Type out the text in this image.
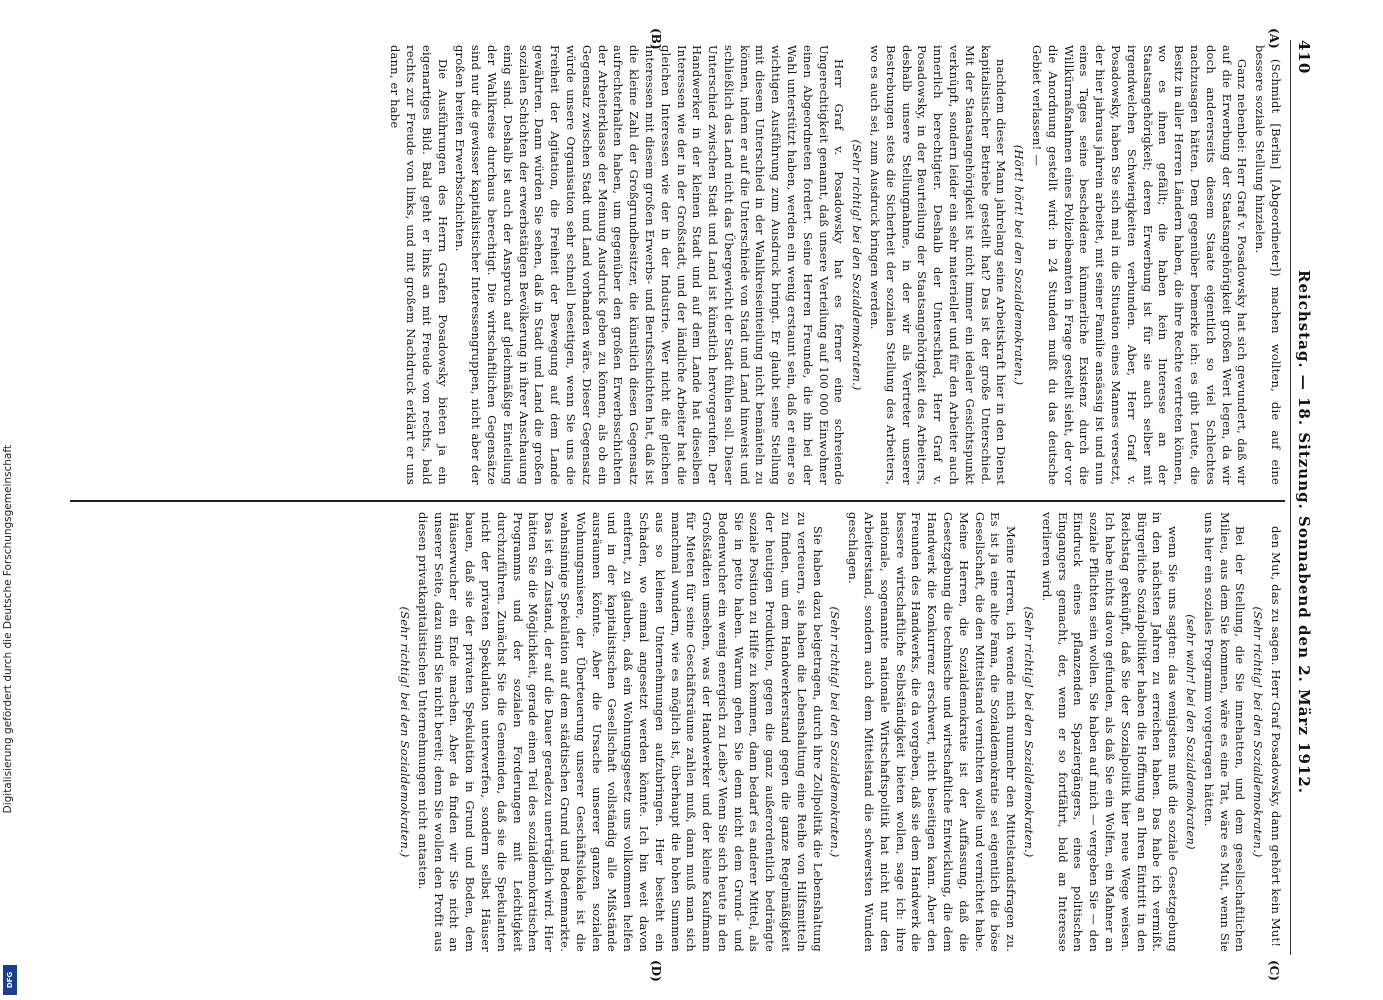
410
Reichstag. — 18. Sitzung. Sonnabend den 2. März 1912.
(A)
(B)
(C)
(D)

(Schmidt [Berlin] [Abgeordneter]) machen wollten, die auf eine bessere soziale Stellung hinzielen.

Ganz nebenbei: Herr Graf v. Posadowsky hat sich gewundert, daß wir auf die Erwerbung der Staatsangehörigkeit großen Wert legen, da wir doch andererseits diesem Staate eigentlich so viel Schlechtes nachzusagen hätten. Dem gegenüber bemerke ich: es gibt Leute, die Besitz in aller Herren Ländern haben, die ihre Rechte vertreten können, wo es ihnen gefällt; die haben kein Interesse an der Staatsangehörigkeit; deren Erwerbung ist für sie auch selber mit irgendwelchen Schwierigkeiten verbunden. Aber, Herr Graf v. Posadowsky, haben Sie sich mal in die Situation eines Mannes versetzt, der hier jahraus jahrein arbeitet, mit seiner Familie ansässig ist und nun eines Tages seine bescheidene kümmerliche Existenz durch die Willkürmaßnahmen eines Polizeibeamten in Frage gestellt sieht, der vor die Anordnung gestellt wird: in 24 Stunden mußt du das deutsche Gebiet verlassen! —

(Hört! hört! bei den Sozialdemokraten.)

nachdem dieser Mann jahrelang seine Arbeitskraft hier in den Dienst kapitalistischer Betriebe gestellt hat? Das ist der große Unterschied. Mit der Staatsangehörigkeit ist nicht immer ein idealer Gesichtspunkt verknüpft, sondern leider ein sehr materieller und für den Arbeiter auch innerlich berechtigter. Deshalb der Unterschied, Herr Graf v. Posadowsky, in der Beurteilung der Staatsangehörigkeit des Arbeiters, deshalb unsere Stellungnahme, in der wir als Vertreter unserer Bestrebungen stets die Sicherheit der sozialen Stellung des Arbeiters, wo es auch sei, zum Ausdruck bringen werden.

(Sehr richtig! bei den Sozialdemokraten.)

Herr Graf v. Posadowsky hat es ferner eine schreiende Ungerechtigkeit genannt, daß unsere Verteilung auf 100 000 Einwohner einen Abgeordneten fordert. Seine Herren Freunde, die ihn bei der Wahl unterstützt haben, werden ein wenig erstaunt sein, daß er einer so wichtigen Ausführung zum Ausdruck bringt. Er glaubt seine Stellung mit diesem Unterschied in der Wahlkreiseinteilung nicht bemänteln zu können, indem er auf die Unterschiede von Stadt und Land hinweist und schließlich das Land nicht das Übergewicht der Stadt fühlen soll. Dieser Unterschied zwischen Stadt und Land ist künstlich hervorgerufen. Der Handwerker in der kleinen Stadt und auf dem Lande hat dieselben Interessen wie der in der Großstadt, und der ländliche Arbeiter hat die gleichen Interessen wie der in der Industrie. Wer nicht die gleichen Interessen mit diesem großen Erwerbs- und Berufsschichten hat, daß ist die kleine Zahl der Großgrundbesitzer, die künstlich diesen Gegensatz aufrechterhalten haben, um gegenüber den großen Erwerbsschichten der Arbeiterklasse der Meinung Ausdruck geben zu können, als ob ein Gegensatz zwischen Stadt und Land vorhanden wäre. Dieser Gegensatz würde unsere Organisation sehr schnell beseitigen, wenn Sie uns die Freiheit der Agitation, die Freiheit der Bewegung auf dem Lande gewährten. Dann würden Sie sehen, daß in Stadt und Land die großen sozialen Schichten der erwerbstätigen Bevölkerung in ihrer Anschauung einig sind. Deshalb ist auch der Anspruch auf gleichmäßige Einteilung der Wahlkreise durchaus berechtigt. Die wirtschaftlichen Gegensätze sind nur die gewisser kapitalistischer Interessengruppen, nicht aber der großen breiten Erwerbsschichten.

Die Ausführungen des Herrn Grafen Posadowsky bieten ja ein eigenartiges Bild. Bald geht er links an mit Freude von rechts, bald rechts zur Freude von links, und mit großem Nachdruck erklärt er uns dann, er habe

den Mut, das zu sagen. Herr Graf Posadowsky, dann gehört kein Mut!

(Sehr richtig! bei den Sozialdemokraten.)

Bei der Stellung, die Sie innehatten, und dem gesellschaftlichen Milieu, aus dem Sie kommen, wäre es eine Tat, wäre es Mut, wenn Sie uns hier ein soziales Programm vorgetragen hätten.

(sehr wahr! bei den Sozialdemokraten)

wenn Sie uns sagten: das wenigstens muß die soziale Gesetzgebung in den nächsten Jahren zu erreichen haben. Das habe ich vermißt. Bürgerliche Sozialpolitiker haben die Hoffnung an Ihren Eintritt in den Reichstag geknüpft, daß Sie der Sozialpolitik hier neue Wege weisen. Ich habe nichts davon gefunden, als daß Sie ein Wolfen, ein Mahner an soziale Pflichten sein wollen. Sie haben auf mich — vergeben Sie — den Eindruck eines pflanzenden Spaziergängers, eines politischen Eingangers gemacht, der, wenn er so fortfährt, bald an Interesse verlieren wird.

(Sehr richtig! bei den Sozialdemokraten.)

Meine Herren, ich wende mich nunmehr den Mittelstandsfragen zu. Es ist ja eine alte Fama, die Sozialdemokratie sei eigentlich die böse Gesellschaft, die den Mittelstand vernichten wolle und vernichtet habe. Meine Herren, die Sozialdemokratie ist der Auffassung, daß die Gesetzgebung die technische und wirtschaftliche Entwicklung, die dem Handwerk die Konkurrenz erschwert, nicht beseitigen kann. Aber den Freunden des Handwerks, die da vorgeben, daß sie dem Handwerk die bessere wirtschaftliche Selbständigkeit bieten wollen, sage ich: ihre nationale, sogenannte nationale Wirtschaftspolitik hat nicht nur den Arbeiterstand, sondern auch dem Mittelstand die schwersten Wunden geschlagen.

(Sehr richtig! bei den Sozialdemokraten.)

Sie haben dazu beigetragen, durch ihre Zollpolitik die Lebenshaltung zu verteuern, sie haben die Lebenshaltung eine Reihe von Hilfsmitteln zu finden, um dem Handwerkerstand gegen die ganze Regelmäßigkeit der heutigen Produktion, gegen die ganz außerordentlich bedrängte soziale Position zu Hilfe zu kommen, dann bedarf es anderer Mittel, als Sie in petto haben. Warum gehen Sie denn nicht dem Grund- und Bodenwucher ein wenig energisch zu Leibe? Wenn Sie sich heute in den Großstädten umsehen, was der Handwerker und der kleine Kaufmann für Mieten für seine Geschäftsräume zahlen muß, dann muß man sich manchmal wundern, wie es möglich ist, überhaupt die hohen Summen aus so kleinen Unternehmungen aufzubringen. Hier besteht ein Schaden, wo einmal angesetzt werden könnte. Ich bin weit davon entfernt, zu glauben, daß ein Wohnungsgesetz uns vollkommen helfen und in der kapitalistischen Gesellschaft vollständig alle Mißstände ausräumen könnte. Aber die Ursache unserer ganzen sozialen Wohnungsmisere, der Überteuerung unserer Geschäftslokale ist die wahnsinnige Spekulation auf dem städtischen Grund und Bodenmarkte. Das ist ein Zustand, der auf die Dauer geradezu unerträglich wird. Hier hätten Sie die Möglichkeit, gerade einen Teil des sozialdemokratischen Programms und der sozialen Forderungen mit Leichtigkeit durchzuführen. Zunächst Sie die Gemeinden, daß sie die Spekulanten nicht der privaten Spekulation unterwerfen, sondern selbst Häuser bauen, daß sie der privaten Spekulation in Grund und Boden, dem Häuserwucher ein Ende machen. Aber da finden wir Sie nicht an unserer Seite, dazu sind Sie nicht bereit; denn Sie wollen den Profit aus diesen privatkapitalistischen Unternehmungen nicht antasten.

(Sehr richtig! bei den Sozialdemokraten.)

Digitalisierung gefördert durch die Deutsche Forschungsgemeinschaft
DFG
